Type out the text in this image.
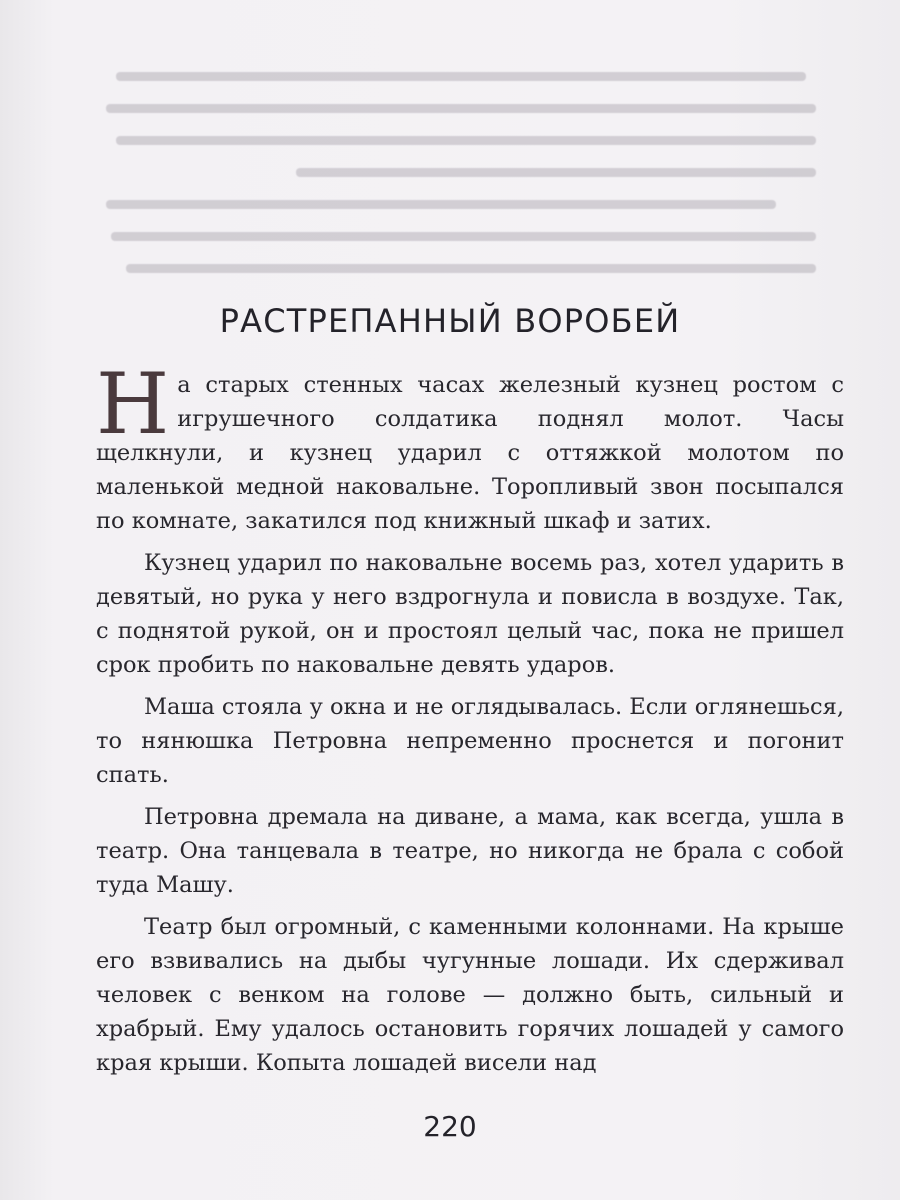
РАСТРЕПАННЫЙ ВОРОБЕЙ

На старых стенных часах железный кузнец ростом с игрушечного солдатика поднял молот. Часы щелкнули, и кузнец ударил с оттяжкой молотом по маленькой медной наковальне. Торопливый звон посыпался по комнате, закатился под книжный шкаф и затих.

Кузнец ударил по наковальне восемь раз, хотел ударить в девятый, но рука у него вздрогнула и повисла в воздухе. Так, с поднятой рукой, он и простоял целый час, пока не пришел срок пробить по наковальне девять ударов.

Маша стояла у окна и не оглядывалась. Если оглянешься, то нянюшка Петровна непременно проснется и погонит спать.

Петровна дремала на диване, а мама, как всегда, ушла в театр. Она танцевала в театре, но никогда не брала с собой туда Машу.

Театр был огромный, с каменными колоннами. На крыше его взвивались на дыбы чугунные лошади. Их сдерживал человек с венком на голове — должно быть, сильный и храбрый. Ему удалось остановить горячих лошадей у самого края крыши. Копыта лошадей висели над

220
